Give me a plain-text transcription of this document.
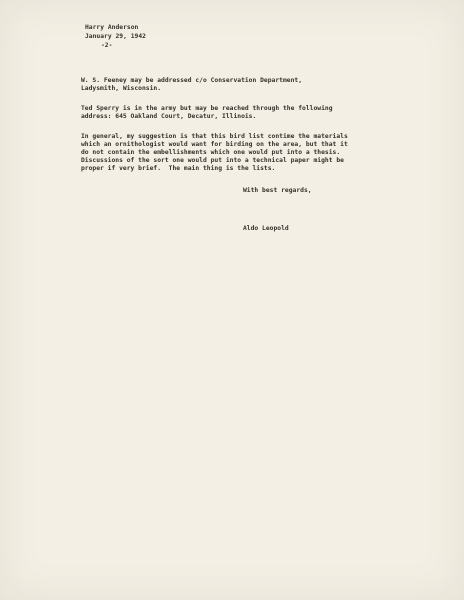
Harry Anderson
January 29, 1942
-2-
W. S. Feeney may be addressed c/o Conservation Department,
Ladysmith, Wisconsin.
Ted Sperry is in the army but may be reached through the following
address: 645 Oakland Court, Decatur, Illinois.
In general, my suggestion is that this bird list contime the materials
which an ornithologist would want for birding on the area, but that it
do not contain the embellishments which one would put into a thesis.
Discussions of the sort one would put into a technical paper might be
proper if very brief.  The main thing is the lists.
With best regards,
Aldo Leopold
